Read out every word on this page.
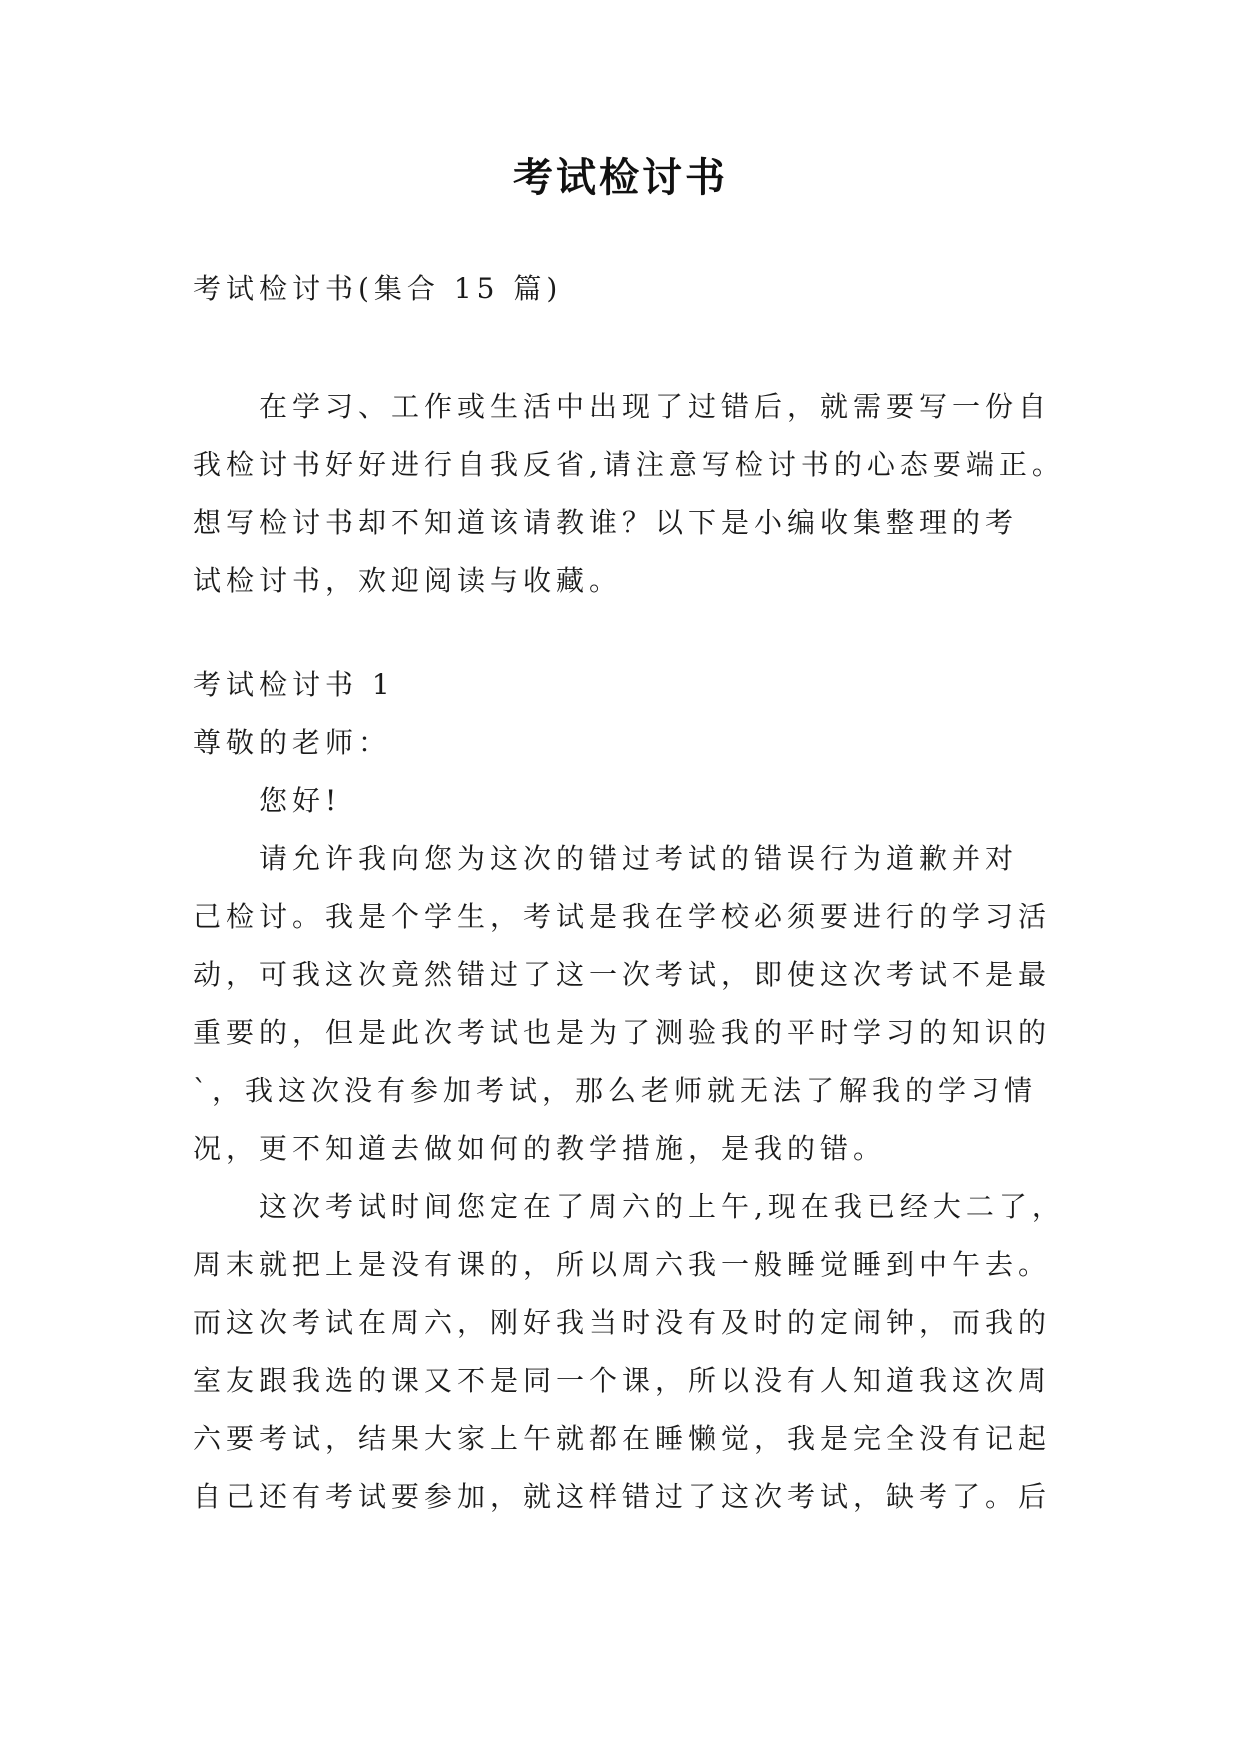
考试检讨书
考试检讨书(集合 15 篇)
在学习、工作或生活中出现了过错后，就需要写一份自
我检讨书好好进行自我反省,请注意写检讨书的心态要端正。
想写检讨书却不知道该请教谁？以下是小编收集整理的考
试检讨书，欢迎阅读与收藏。
考试检讨书 1
尊敬的老师：
您好!
请允许我向您为这次的错过考试的错误行为道歉并对
己检讨。我是个学生，考试是我在学校必须要进行的学习活
动，可我这次竟然错过了这一次考试，即使这次考试不是最
重要的，但是此次考试也是为了测验我的平时学习的知识的
`，我这次没有参加考试，那么老师就无法了解我的学习情
况，更不知道去做如何的教学措施，是我的错。
这次考试时间您定在了周六的上午,现在我已经大二了，
周末就把上是没有课的，所以周六我一般睡觉睡到中午去。
而这次考试在周六，刚好我当时没有及时的定闹钟，而我的
室友跟我选的课又不是同一个课，所以没有人知道我这次周
六要考试，结果大家上午就都在睡懒觉，我是完全没有记起
自己还有考试要参加，就这样错过了这次考试，缺考了。后
